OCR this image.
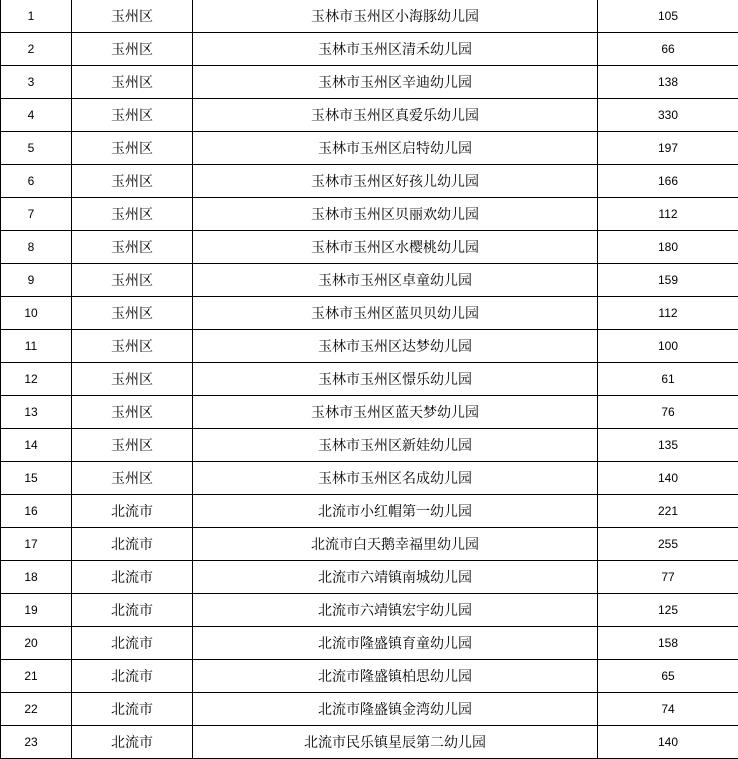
1	玉州区	玉林市玉州区小海豚幼儿园	105
2	玉州区	玉林市玉州区清禾幼儿园	66
3	玉州区	玉林市玉州区辛迪幼儿园	138
4	玉州区	玉林市玉州区真爱乐幼儿园	330
5	玉州区	玉林市玉州区启特幼儿园	197
6	玉州区	玉林市玉州区好孩儿幼儿园	166
7	玉州区	玉林市玉州区贝丽欢幼儿园	112
8	玉州区	玉林市玉州区水樱桃幼儿园	180
9	玉州区	玉林市玉州区卓童幼儿园	159
10	玉州区	玉林市玉州区蓝贝贝幼儿园	112
11	玉州区	玉林市玉州区达梦幼儿园	100
12	玉州区	玉林市玉州区憬乐幼儿园	61
13	玉州区	玉林市玉州区蓝天梦幼儿园	76
14	玉州区	玉林市玉州区新娃幼儿园	135
15	玉州区	玉林市玉州区名成幼儿园	140
16	北流市	北流市小红帽第一幼儿园	221
17	北流市	北流市白天鹅幸福里幼儿园	255
18	北流市	北流市六靖镇南城幼儿园	77
19	北流市	北流市六靖镇宏宇幼儿园	125
20	北流市	北流市隆盛镇育童幼儿园	158
21	北流市	北流市隆盛镇柏思幼儿园	65
22	北流市	北流市隆盛镇金湾幼儿园	74
23	北流市	北流市民乐镇星辰第二幼儿园	140
